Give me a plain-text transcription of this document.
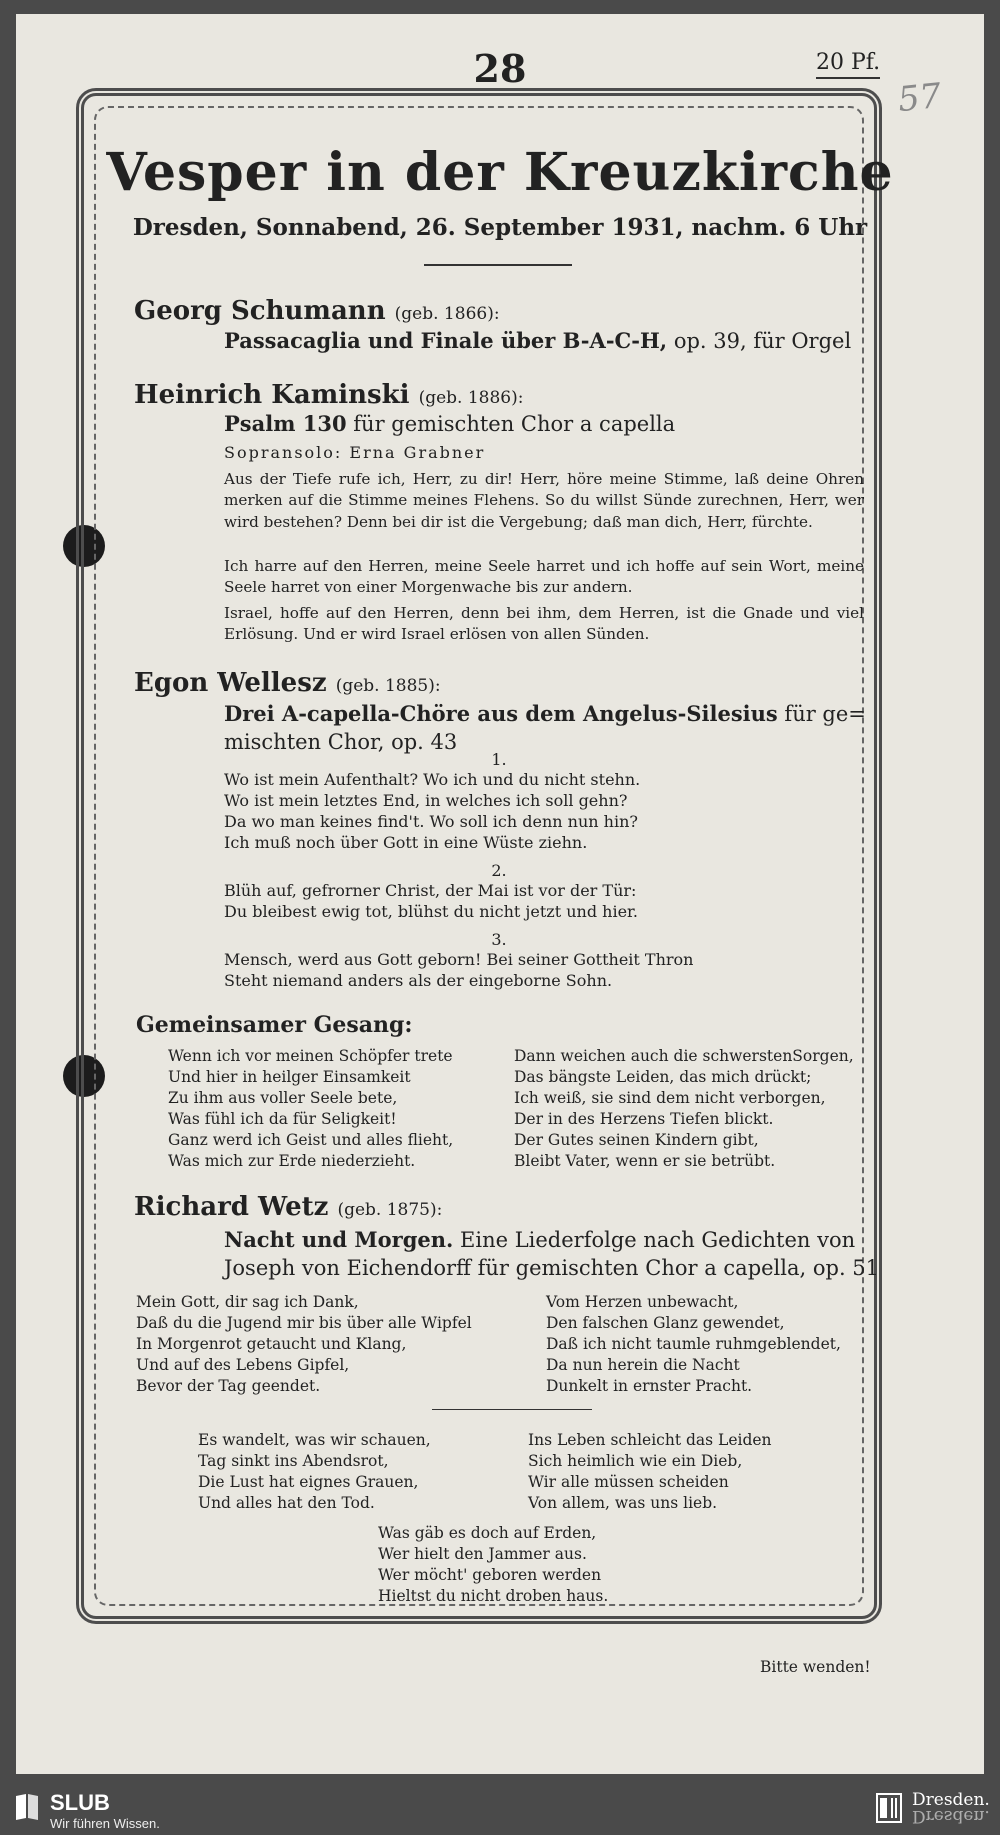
28	20 Pf.
57
Vesper in der Kreuzkirche
Dresden, Sonnabend, 26. September 1931, nachm. 6 Uhr
Georg Schumann (geb. 1866):
Passacaglia und Finale über B-A-C-H, op. 39, für Orgel
Heinrich Kaminski (geb. 1886):
Psalm 130 für gemischten Chor a capella
Sopransolo: Erna Grabner
Aus der Tiefe rufe ich, Herr, zu dir! Herr, höre meine Stimme, laß deine Ohren merken auf die Stimme meines Flehens. So du willst Sünde zurechnen, Herr, wer wird bestehen? Denn bei dir ist die Vergebung; daß man dich, Herr, fürchte.
Ich harre auf den Herren, meine Seele harret und ich hoffe auf sein Wort, meine Seele harret von einer Morgenwache bis zur andern.
Israel, hoffe auf den Herren, denn bei ihm, dem Herren, ist die Gnade und viel Erlösung. Und er wird Israel erlösen von allen Sünden.
Egon Wellesz (geb. 1885):
Drei A-capella-Chöre aus dem Angelus-Silesius für ge=
mischten Chor, op. 43
1.
Wo ist mein Aufenthalt? Wo ich und du nicht stehn.
Wo ist mein letztes End, in welches ich soll gehn?
Da wo man keines find't. Wo soll ich denn nun hin?
Ich muß noch über Gott in eine Wüste ziehn.
2.
Blüh auf, gefrorner Christ, der Mai ist vor der Tür:
Du bleibest ewig tot, blühst du nicht jetzt und hier.
3.
Mensch, werd aus Gott geborn! Bei seiner Gottheit Thron
Steht niemand anders als der eingeborne Sohn.
Gemeinsamer Gesang:
Wenn ich vor meinen Schöpfer trete
Und hier in heilger Einsamkeit
Zu ihm aus voller Seele bete,
Was fühl ich da für Seligkeit!
Ganz werd ich Geist und alles flieht,
Was mich zur Erde niederzieht.
Dann weichen auch die schwerstenSorgen,
Das bängste Leiden, das mich drückt;
Ich weiß, sie sind dem nicht verborgen,
Der in des Herzens Tiefen blickt.
Der Gutes seinen Kindern gibt,
Bleibt Vater, wenn er sie betrübt.
Richard Wetz (geb. 1875):
Nacht und Morgen. Eine Liederfolge nach Gedichten von
Joseph von Eichendorff für gemischten Chor a capella, op. 51
Mein Gott, dir sag ich Dank,
Daß du die Jugend mir bis über alle Wipfel
In Morgenrot getaucht und Klang,
Und auf des Lebens Gipfel,
Bevor der Tag geendet.
Vom Herzen unbewacht,
Den falschen Glanz gewendet,
Daß ich nicht taumle ruhmgeblendet,
Da nun herein die Nacht
Dunkelt in ernster Pracht.
Es wandelt, was wir schauen,
Tag sinkt ins Abendsrot,
Die Lust hat eignes Grauen,
Und alles hat den Tod.
Ins Leben schleicht das Leiden
Sich heimlich wie ein Dieb,
Wir alle müssen scheiden
Von allem, was uns lieb.
Was gäb es doch auf Erden,
Wer hielt den Jammer aus.
Wer möcht' geboren werden
Hieltst du nicht droben haus.
Bitte wenden!
SLUB
Wir führen Wissen.
Dresden.
Dresden.
